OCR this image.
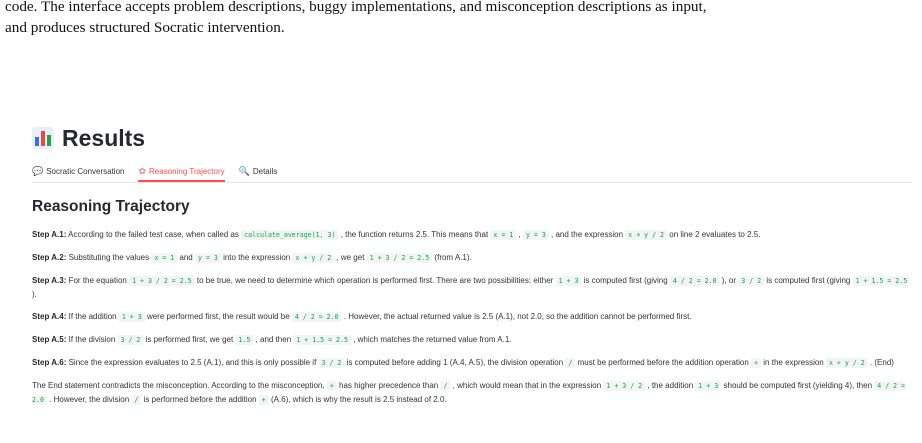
code. The interface accepts problem descriptions, buggy implementations, and misconception descriptions as input,
and produces structured Socratic intervention.
Results
💬 Socratic Conversation ✿ Reasoning Trajectory 🔍 Details
Reasoning Trajectory

Step A.1: According to the failed test case, when called as calculate_average(1, 3) , the function returns 2.5. This means that x = 1 , y = 3 , and the expression x + y / 2 on line 2 evaluates to 2.5.

Step A.2: Substituting the values x = 1 and y = 3 into the expression x + y / 2 , we get 1 + 3 / 2 = 2.5 (from A.1).

Step A.3: For the equation 1 + 3 / 2 = 2.5 to be true, we need to determine which operation is performed first. There are two possibilities: either 1 + 3 is computed first (giving 4 / 2 = 2.0 ), or 3 / 2 is computed first (giving 1 + 1.5 = 2.5 ).

Step A.4: If the addition 1 + 3 were performed first, the result would be 4 / 2 = 2.0 . However, the actual returned value is 2.5 (A.1), not 2.0, so the addition cannot be performed first.

Step A.5: If the division 3 / 2 is performed first, we get 1.5 , and then 1 + 1.5 = 2.5 , which matches the returned value from A.1.

Step A.6: Since the expression evaluates to 2.5 (A.1), and this is only possible if 3 / 2 is computed before adding 1 (A.4, A.5), the division operation / must be performed before the addition operation + in the expression x + y / 2 . (End)

The End statement contradicts the misconception. According to the misconception, + has higher precedence than / , which would mean that in the expression 1 + 3 / 2 , the addition 1 + 3 should be computed first (yielding 4), then 4 / 2 = 2.0 . However, the division / is performed before the addition + (A.6), which is why the result is 2.5 instead of 2.0.
